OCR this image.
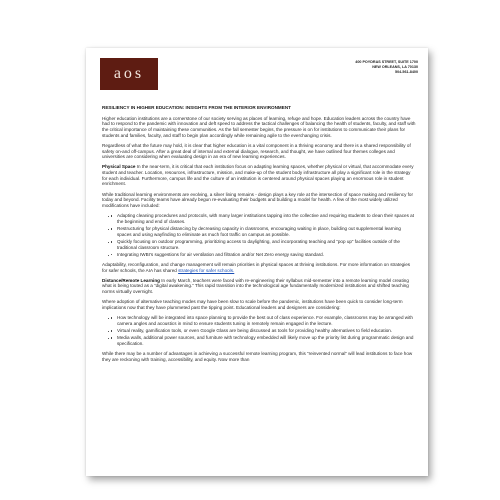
aos
400 POYDRAS STREET, SUITE 1700
NEW ORLEANS, LA 70130
504-561-8400
RESILIENCY IN HIGHER EDUCATION: INSIGHTS FROM THE INTERIOR ENVIRONMENT

Higher education institutions are a cornerstone of our society serving as places of learning, refuge and hope. Education leaders across the country have had to respond to the pandemic with innovation and deft speed to address the tactical challenges of balancing the health of students, faculty, and staff with the critical importance of maintaining these communities. As the fall semester begins, the pressure is on for institutions to communicate their plans for students and families, faculty, and staff to begin plan accordingly while remaining agile to the everchanging crisis.

Regardless of what the future may hold, it is clear that higher education is a vital component in a thriving economy and there is a shared responsibility of safety on-and off-campus. After a great deal of internal and external dialogue, research, and thought, we have outlined four themes colleges and universities are considering when evaluating design in an era of new learning experiences.

Physical Space In the near-term, it is critical that each institution focus on adapting learning spaces, whether physical or virtual, that accommodate every student and teacher. Location, resources, infrastructure, mission, and make-up of the student body infrastructure all play a significant role in the strategy for each individual. Furthermore, campus life and the culture of an institution is centered around physical spaces playing an enormous role in student enrichment.

While traditional learning environments are evolving, a silver lining remains - design plays a key role at the intersection of space making and resiliency for today and beyond. Facility teams have already begun re-evaluating their budgets and building a model for health. A few of the most widely utilized modifications have included:

• Adapting cleaning procedures and protocols, with many larger institutions tapping into the collective and requiring students to clean their spaces at the beginning and end of classes.
• Restructuring for physical distancing by decreasing capacity in classrooms, encouraging waiting in place, building out supplemental learning spaces and using wayfinding to eliminate as much foot traffic on campus as possible.
• Quickly focusing on outdoor programming, prioritizing access to daylighting, and incorporating teaching and “pop up” facilities outside of the traditional classroom structure.
• Integrating IWBI’s suggestions for air ventilation and filtration and/or Net Zero energy saving standard.

Adaptability, reconfiguration, and change management will remain priorities in physical spaces at thriving institutions. For more information on strategies for safer schools, the AIA has shared strategies for safer schools.

Distance/Remote Learning In early March, teachers were faced with re-engineering their syllabus mid-semester into a remote learning model creating what is being touted as a “digital awakening.” This rapid transition into the technological age fundamentally modernized institutions and shifted teaching norms virtually overnight.

Where adoption of alternative teaching modes may have been slow to scale before the pandemic, institutions have been quick to consider long-term implications now that they have plummeted past the tipping point. Educational leaders and designers are considering:

• How technology will be integrated into space planning to provide the best out of class experience. For example, classrooms may be arranged with camera angles and acoustics in mind to ensure students tuning in remotely remain engaged in the lecture.
• Virtual reality, gamification tools, or even Google Glass are being discussed as tools for providing healthy alternatives to field education.
• Media walls, additional power sources, and furniture with technology embedded will likely move up the priority list during programmatic design and specification.

While there may be a number of advantages in achieving a successful remote learning program, this “reinvented normal” will lead institutions to face how they are reckoning with training, accessibility, and equity. Now more than
